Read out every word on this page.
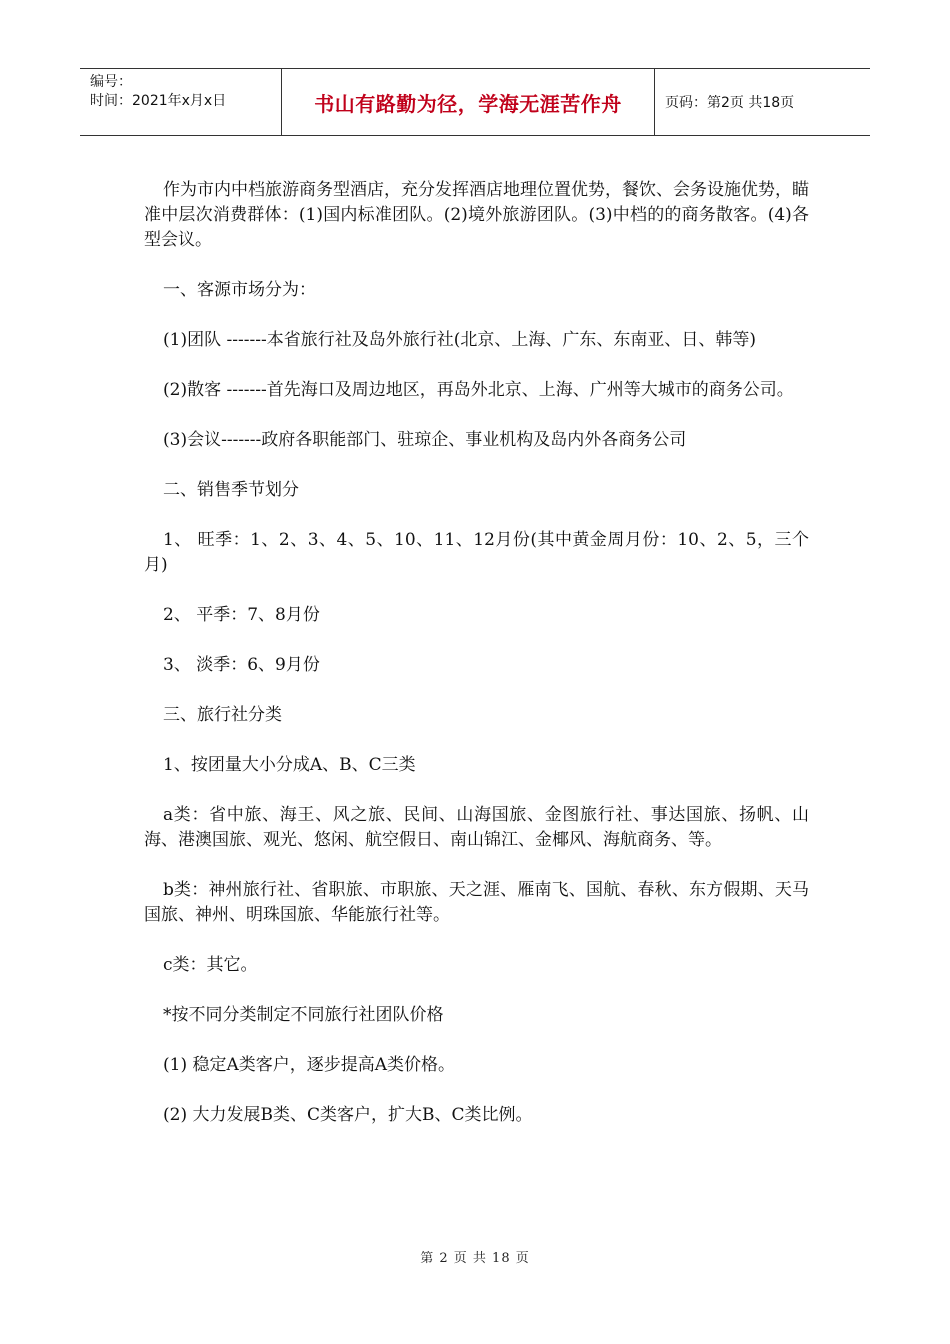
编号：
时间：2021年x月x日	书山有路勤为径，学海无涯苦作舟	页码：第2页 共18页

作为市内中档旅游商务型酒店，充分发挥酒店地理位置优势，餐饮、会务设施优势，瞄准中层次消费群体：(1)国内标准团队。(2)境外旅游团队。(3)中档的的商务散客。(4)各型会议。

一、客源市场分为：

(1)团队 -------本省旅行社及岛外旅行社(北京、上海、广东、东南亚、日、韩等)

(2)散客 -------首先海口及周边地区，再岛外北京、上海、广州等大城市的商务公司。

(3)会议-------政府各职能部门、驻琼企、事业机构及岛内外各商务公司

二、销售季节划分

1、 旺季：1、2、3、4、5、10、11、12月份(其中黄金周月份：10、2、5，三个月)

2、 平季：7、8月份

3、 淡季：6、9月份

三、旅行社分类

1、按团量大小分成A、B、C三类

a类：省中旅、海王、风之旅、民间、山海国旅、金图旅行社、事达国旅、扬帆、山海、港澳国旅、观光、悠闲、航空假日、南山锦江、金椰风、海航商务、等。

b类：神州旅行社、省职旅、市职旅、天之涯、雁南飞、国航、春秋、东方假期、天马国旅、神州、明珠国旅、华能旅行社等。

c类：其它。

*按不同分类制定不同旅行社团队价格

(1) 稳定A类客户，逐步提高A类价格。

(2) 大力发展B类、C类客户，扩大B、C类比例。

第 2 页 共 18 页
